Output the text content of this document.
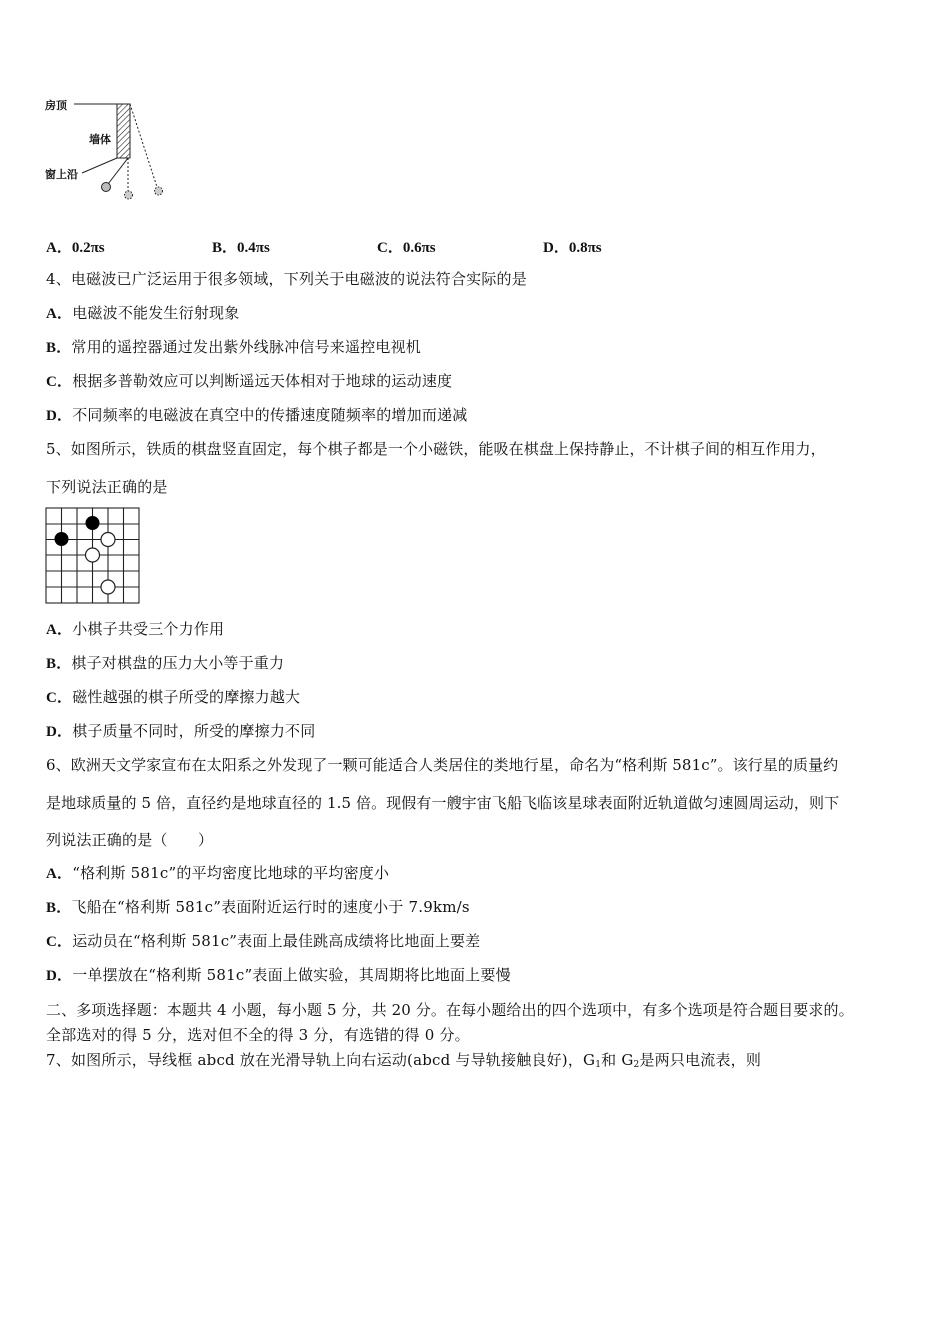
房顶
墙体
窗上沿
A．0.2πs	B．0.4πs	C．0.6πs	D．0.8πs
4、电磁波已广泛运用于很多领域，下列关于电磁波的说法符合实际的是
A．电磁波不能发生衍射现象
B．常用的遥控器通过发出紫外线脉冲信号来遥控电视机
C．根据多普勒效应可以判断遥远天体相对于地球的运动速度
D．不同频率的电磁波在真空中的传播速度随频率的增加而递减
5、如图所示，铁质的棋盘竖直固定，每个棋子都是一个小磁铁，能吸在棋盘上保持静止，不计棋子间的相互作用力，
下列说法正确的是
A．小棋子共受三个力作用
B．棋子对棋盘的压力大小等于重力
C．磁性越强的棋子所受的摩擦力越大
D．棋子质量不同时，所受的摩擦力不同
6、欧洲天文学家宣布在太阳系之外发现了一颗可能适合人类居住的类地行星，命名为“格利斯 581c”。该行星的质量约
是地球质量的 5 倍，直径约是地球直径的 1.5 倍。现假有一艘宇宙飞船飞临该星球表面附近轨道做匀速圆周运动，则下
列说法正确的是（　　）
A．“格利斯 581c”的平均密度比地球的平均密度小
B．飞船在“格利斯 581c”表面附近运行时的速度小于 7.9km/s
C．运动员在“格利斯 581c”表面上最佳跳高成绩将比地面上要差
D．一单摆放在“格利斯 581c”表面上做实验，其周期将比地面上要慢
二、多项选择题：本题共 4 小题，每小题 5 分，共 20 分。在每小题给出的四个选项中，有多个选项是符合题目要求的。
全部选对的得 5 分，选对但不全的得 3 分，有选错的得 0 分。
7、如图所示，导线框 abcd 放在光滑导轨上向右运动(abcd 与导轨接触良好)，$G_1$和 $G_2$是两只电流表，则
